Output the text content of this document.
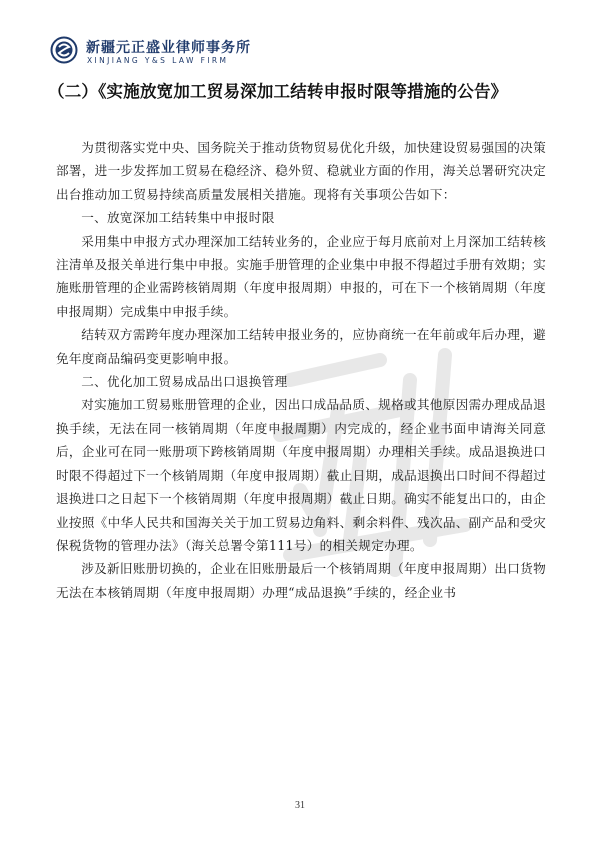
新疆元正盛业律师事务所
XINJIANG Y&S LAW FIRM
（二）《实施放宽加工贸易深加工结转申报时限等措施的公告》

为贯彻落实党中央、国务院关于推动货物贸易优化升级，加快建设贸易强国的决策部署，进一步发挥加工贸易在稳经济、稳外贸、稳就业方面的作用，海关总署研究决定出台推动加工贸易持续高质量发展相关措施。现将有关事项公告如下：

一、放宽深加工结转集中申报时限

采用集中申报方式办理深加工结转业务的，企业应于每月底前对上月深加工结转核注清单及报关单进行集中申报。实施手册管理的企业集中申报不得超过手册有效期；实施账册管理的企业需跨核销周期（年度申报周期）申报的，可在下一个核销周期（年度申报周期）完成集中申报手续。

结转双方需跨年度办理深加工结转申报业务的，应协商统一在年前或年后办理，避免年度商品编码变更影响申报。

二、优化加工贸易成品出口退换管理

对实施加工贸易账册管理的企业，因出口成品品质、规格或其他原因需办理成品退换手续，无法在同一核销周期（年度申报周期）内完成的，经企业书面申请海关同意后，企业可在同一账册项下跨核销周期（年度申报周期）办理相关手续。成品退换进口时限不得超过下一个核销周期（年度申报周期）截止日期，成品退换出口时间不得超过退换进口之日起下一个核销周期（年度申报周期）截止日期。确实不能复出口的，由企业按照《中华人民共和国海关关于加工贸易边角料、剩余料件、残次品、副产品和受灾保税货物的管理办法》（海关总署令第111号）的相关规定办理。

涉及新旧账册切换的，企业在旧账册最后一个核销周期（年度申报周期）出口货物无法在本核销周期（年度申报周期）办理“成品退换”手续的，经企业书

31
